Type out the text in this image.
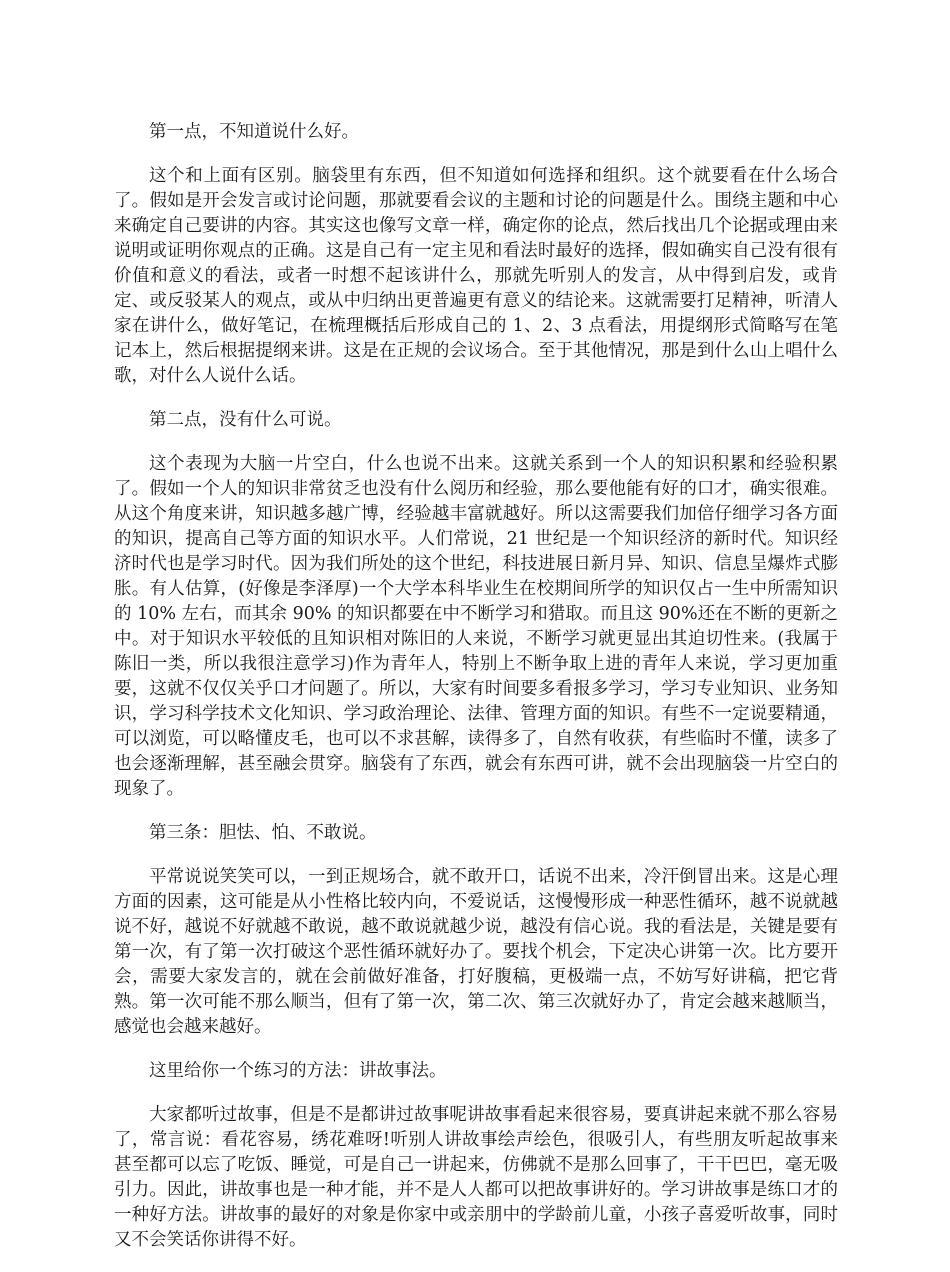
第一点，不知道说什么好。

这个和上面有区别。脑袋里有东西，但不知道如何选择和组织。这个就要看在什么场合了。假如是开会发言或讨论问题，那就要看会议的主题和讨论的问题是什么。围绕主题和中心来确定自己要讲的内容。其实这也像写文章一样，确定你的论点，然后找出几个论据或理由来说明或证明你观点的正确。这是自己有一定主见和看法时最好的选择，假如确实自己没有很有价值和意义的看法，或者一时想不起该讲什么，那就先听别人的发言，从中得到启发，或肯定、或反驳某人的观点，或从中归纳出更普遍更有意义的结论来。这就需要打足精神，听清人家在讲什么，做好笔记，在梳理概括后形成自己的 1、2、3 点看法，用提纲形式简略写在笔记本上，然后根据提纲来讲。这是在正规的会议场合。至于其他情况，那是到什么山上唱什么歌，对什么人说什么话。

第二点，没有什么可说。

这个表现为大脑一片空白，什么也说不出来。这就关系到一个人的知识积累和经验积累了。假如一个人的知识非常贫乏也没有什么阅历和经验，那么要他能有好的口才，确实很难。从这个角度来讲，知识越多越广博，经验越丰富就越好。所以这需要我们加倍仔细学习各方面的知识，提高自己等方面的知识水平。人们常说，21 世纪是一个知识经济的新时代。知识经济时代也是学习时代。因为我们所处的这个世纪，科技进展日新月异、知识、信息呈爆炸式膨胀。有人估算，(好像是李泽厚)一个大学本科毕业生在校期间所学的知识仅占一生中所需知识的 10% 左右，而其余 90% 的知识都要在中不断学习和猎取。而且这 90%还在不断的更新之中。对于知识水平较低的且知识相对陈旧的人来说，不断学习就更显出其迫切性来。(我属于陈旧一类，所以我很注意学习)作为青年人，特别上不断争取上进的青年人来说，学习更加重要，这就不仅仅关乎口才问题了。所以，大家有时间要多看报多学习，学习专业知识、业务知识，学习科学技术文化知识、学习政治理论、法律、管理方面的知识。有些不一定说要精通，可以浏览，可以略懂皮毛，也可以不求甚解，读得多了，自然有收获，有些临时不懂，读多了也会逐渐理解，甚至融会贯穿。脑袋有了东西，就会有东西可讲，就不会出现脑袋一片空白的现象了。

第三条：胆怯、怕、不敢说。

平常说说笑笑可以，一到正规场合，就不敢开口，话说不出来，冷汗倒冒出来。这是心理方面的因素，这可能是从小性格比较内向，不爱说话，这慢慢形成一种恶性循环，越不说就越说不好，越说不好就越不敢说，越不敢说就越少说，越没有信心说。我的看法是，关键是要有第一次，有了第一次打破这个恶性循环就好办了。要找个机会，下定决心讲第一次。比方要开会，需要大家发言的，就在会前做好准备，打好腹稿，更极端一点，不妨写好讲稿，把它背熟。第一次可能不那么顺当，但有了第一次，第二次、第三次就好办了，肯定会越来越顺当，感觉也会越来越好。

这里给你一个练习的方法：讲故事法。

大家都听过故事，但是不是都讲过故事呢讲故事看起来很容易，要真讲起来就不那么容易了，常言说：看花容易，绣花难呀!听别人讲故事绘声绘色，很吸引人，有些朋友听起故事来甚至都可以忘了吃饭、睡觉，可是自己一讲起来，仿佛就不是那么回事了，干干巴巴，毫无吸引力。因此，讲故事也是一种才能，并不是人人都可以把故事讲好的。学习讲故事是练口才的一种好方法。讲故事的最好的对象是你家中或亲朋中的学龄前儿童，小孩子喜爱听故事，同时又不会笑话你讲得不好。
